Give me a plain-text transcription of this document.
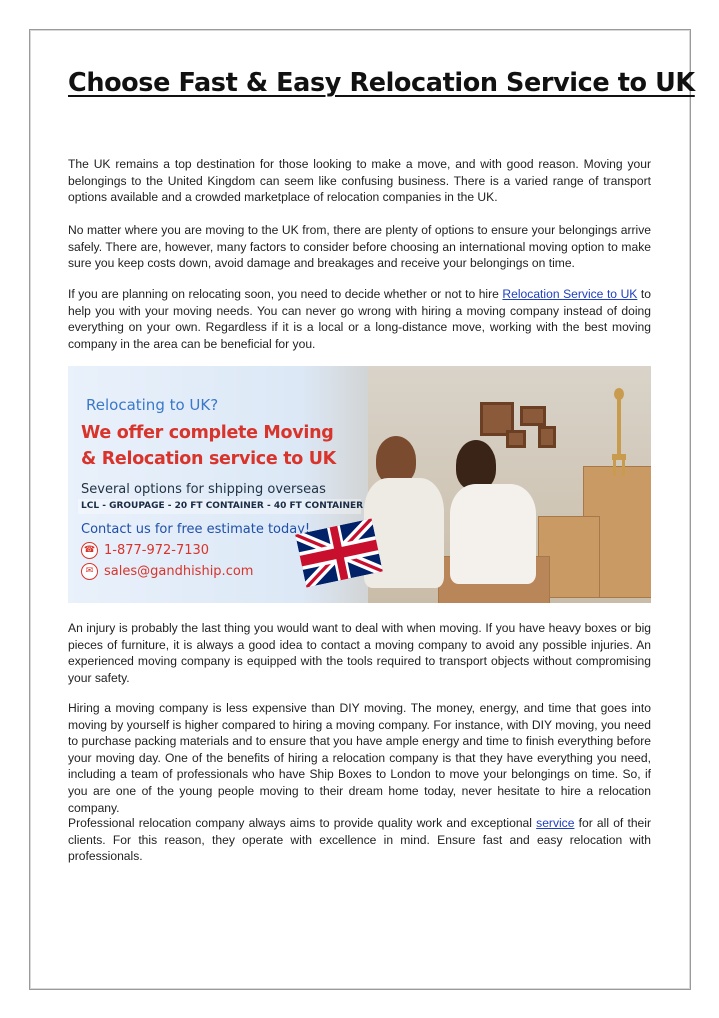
Choose Fast & Easy Relocation Service to UK

The UK remains a top destination for those looking to make a move, and with good reason. Moving your belongings to the United Kingdom can seem like confusing business. There is a varied range of transport options available and a crowded marketplace of relocation companies in the UK.

No matter where you are moving to the UK from, there are plenty of options to ensure your belongings arrive safely. There are, however, many factors to consider before choosing an international moving option to make sure you keep costs down, avoid damage and breakages and receive your belongings on time.

If you are planning on relocating soon, you need to decide whether or not to hire Relocation Service to UK to help you with your moving needs. You can never go wrong with hiring a moving company instead of doing everything on your own. Regardless if it is a local or a long-distance move, working with the best moving company in the area can be beneficial for you.

An injury is probably the last thing you would want to deal with when moving. If you have heavy boxes or big pieces of furniture, it is always a good idea to contact a moving company to avoid any possible injuries. An experienced moving company is equipped with the tools required to transport objects without compromising your safety.

Hiring a moving company is less expensive than DIY moving. The money, energy, and time that goes into moving by yourself is higher compared to hiring a moving company. For instance, with DIY moving, you need to purchase packing materials and to ensure that you have ample energy and time to finish everything before your moving day. One of the benefits of hiring a relocation company is that they have everything you need, including a team of professionals who have Ship Boxes to London to move your belongings on time. So, if you are one of the young people moving to their dream home today, never hesitate to hire a relocation company.

Professional relocation company always aims to provide quality work and exceptional service for all of their clients. For this reason, they operate with excellence in mind. Ensure fast and easy relocation with professionals.

Relocating to UK?
We offer complete Moving
& Relocation service to UK
Several options for shipping overseas
LCL - GROUPAGE - 20 FT CONTAINER - 40 FT CONTAINER
Contact us for free estimate today!
☎ 1-877-972-7130
✉ sales@gandhiship.com
